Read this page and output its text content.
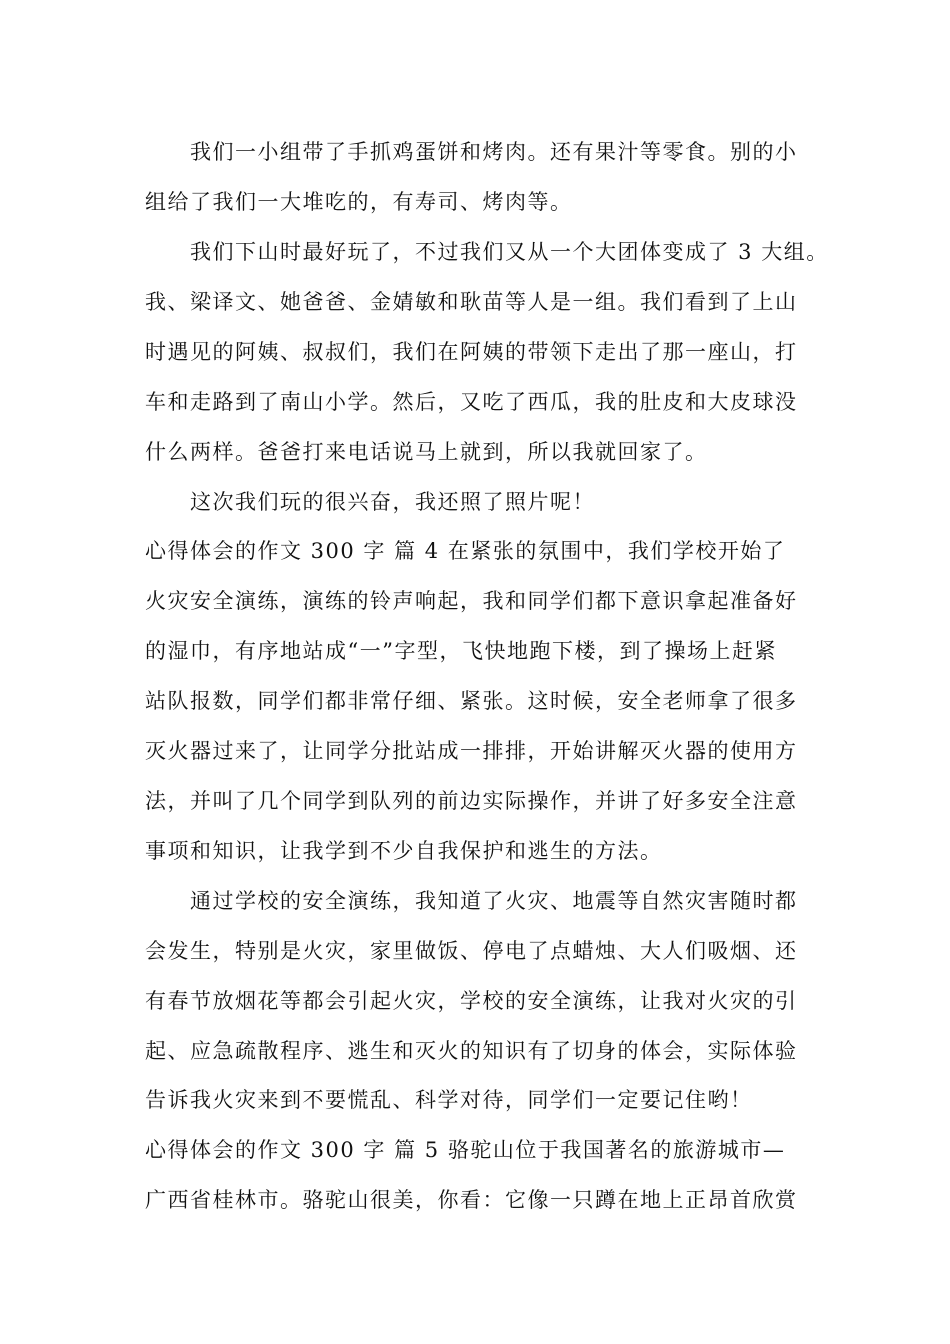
我们一小组带了手抓鸡蛋饼和烤肉。还有果汁等零食。别的小
组给了我们一大堆吃的，有寿司、烤肉等。
我们下山时最好玩了，不过我们又从一个大团体变成了 3 大组。
我、梁译文、她爸爸、金婧敏和耿苗等人是一组。我们看到了上山
时遇见的阿姨、叔叔们，我们在阿姨的带领下走出了那一座山，打
车和走路到了南山小学。然后，又吃了西瓜，我的肚皮和大皮球没
什么两样。爸爸打来电话说马上就到，所以我就回家了。
这次我们玩的很兴奋，我还照了照片呢！
心得体会的作文 300 字 篇 4 在紧张的氛围中，我们学校开始了
火灾安全演练，演练的铃声响起，我和同学们都下意识拿起准备好
的湿巾，有序地站成“一”字型，飞快地跑下楼，到了操场上赶紧
站队报数，同学们都非常仔细、紧张。这时候，安全老师拿了很多
灭火器过来了，让同学分批站成一排排，开始讲解灭火器的使用方
法，并叫了几个同学到队列的前边实际操作，并讲了好多安全注意
事项和知识，让我学到不少自我保护和逃生的方法。
通过学校的安全演练，我知道了火灾、地震等自然灾害随时都
会发生，特别是火灾，家里做饭、停电了点蜡烛、大人们吸烟、还
有春节放烟花等都会引起火灾，学校的安全演练，让我对火灾的引
起、应急疏散程序、逃生和灭火的知识有了切身的体会，实际体验
告诉我火灾来到不要慌乱、科学对待，同学们一定要记住哟！
心得体会的作文 300 字 篇 5 骆驼山位于我国著名的旅游城市—
广西省桂林市。骆驼山很美，你看：它像一只蹲在地上正昂首欣赏
